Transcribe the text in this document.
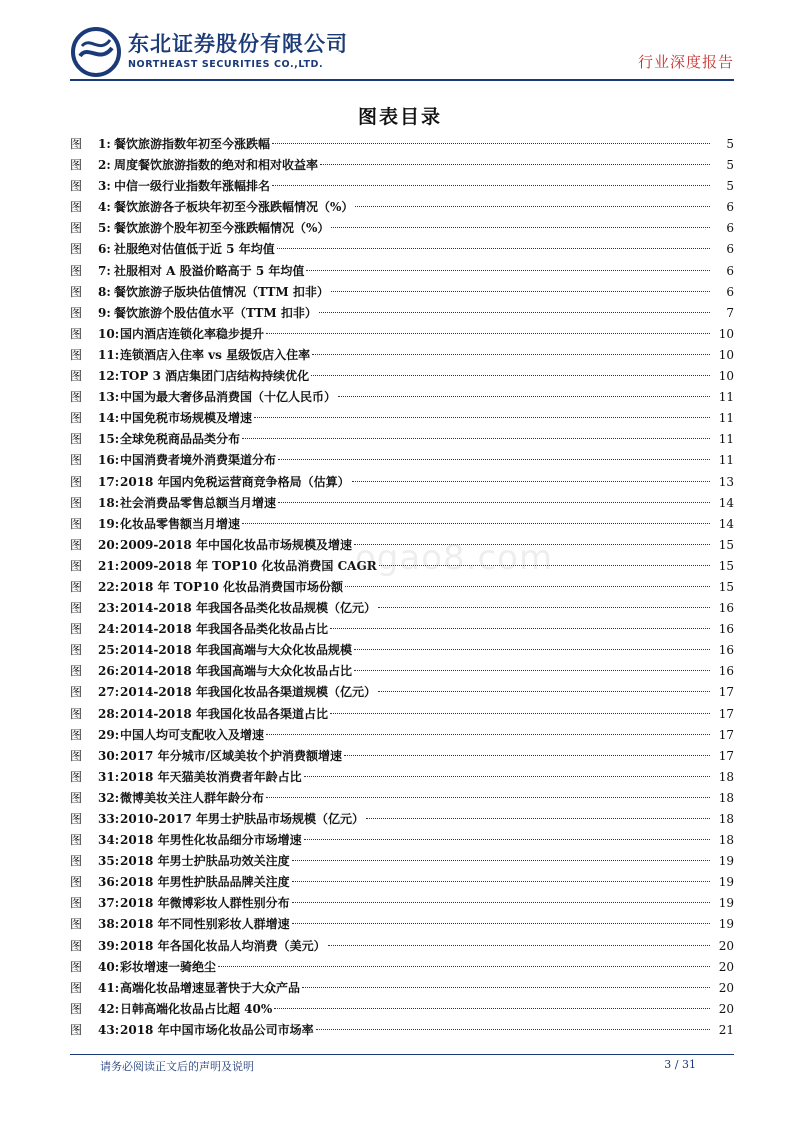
东北证券股份有限公司
NORTHEAST SECURITIES CO.,LTD.	行业深度报告
图表目录
图	1: 餐饮旅游指数年初至今涨跌幅	5
图	2: 周度餐饮旅游指数的绝对和相对收益率	5
图	3: 中信一级行业指数年涨幅排名	5
图	4: 餐饮旅游各子板块年初至今涨跌幅情况（%）	6
图	5: 餐饮旅游个股年初至今涨跌幅情况（%）	6
图	6: 社服绝对估值低于近 5 年均值	6
图	7: 社服相对 A 股溢价略高于 5 年均值	6
图	8: 餐饮旅游子版块估值情况（TTM 扣非）	6
图	9: 餐饮旅游个股估值水平（TTM 扣非）	7
图	10: 国内酒店连锁化率稳步提升	10
图	11: 连锁酒店入住率 vs 星级饭店入住率	10
图	12: TOP 3 酒店集团门店结构持续优化	10
图	13: 中国为最大奢侈品消费国（十亿人民币）	11
图	14: 中国免税市场规模及增速	11
图	15: 全球免税商品品类分布	11
图	16: 中国消费者境外消费渠道分布	11
图	17: 2018 年国内免税运营商竞争格局（估算）	13
图	18: 社会消费品零售总额当月增速	14
图	19: 化妆品零售额当月增速	14
图	20: 2009-2018 年中国化妆品市场规模及增速	15
图	21: 2009-2018 年 TOP10 化妆品消费国 CAGR	15
图	22: 2018 年 TOP10 化妆品消费国市场份额	15
图	23: 2014-2018 年我国各品类化妆品规模（亿元）	16
图	24: 2014-2018 年我国各品类化妆品占比	16
图	25: 2014-2018 年我国高端与大众化妆品规模	16
图	26: 2014-2018 年我国高端与大众化妆品占比	16
图	27: 2014-2018 年我国化妆品各渠道规模（亿元）	17
图	28: 2014-2018 年我国化妆品各渠道占比	17
图	29: 中国人均可支配收入及增速	17
图	30: 2017 年分城市/区域美妆个护消费额增速	17
图	31: 2018 年天猫美妆消费者年龄占比	18
图	32: 微博美妆关注人群年龄分布	18
图	33: 2010-2017 年男士护肤品市场规模（亿元）	18
图	34: 2018 年男性化妆品细分市场增速	18
图	35: 2018 年男士护肤品功效关注度	19
图	36: 2018 年男性护肤品品牌关注度	19
图	37: 2018 年微博彩妆人群性别分布	19
图	38: 2018 年不同性别彩妆人群增速	19
图	39: 2018 年各国化妆品人均消费（美元）	20
图	40: 彩妆增速一骑绝尘	20
图	41: 高端化妆品增速显著快于大众产品	20
图	42: 日韩高端化妆品占比超 40%	20
图	43: 2018 年中国市场化妆品公司市场率	21
ogao8.com
请务必阅读正文后的声明及说明	3 / 31
